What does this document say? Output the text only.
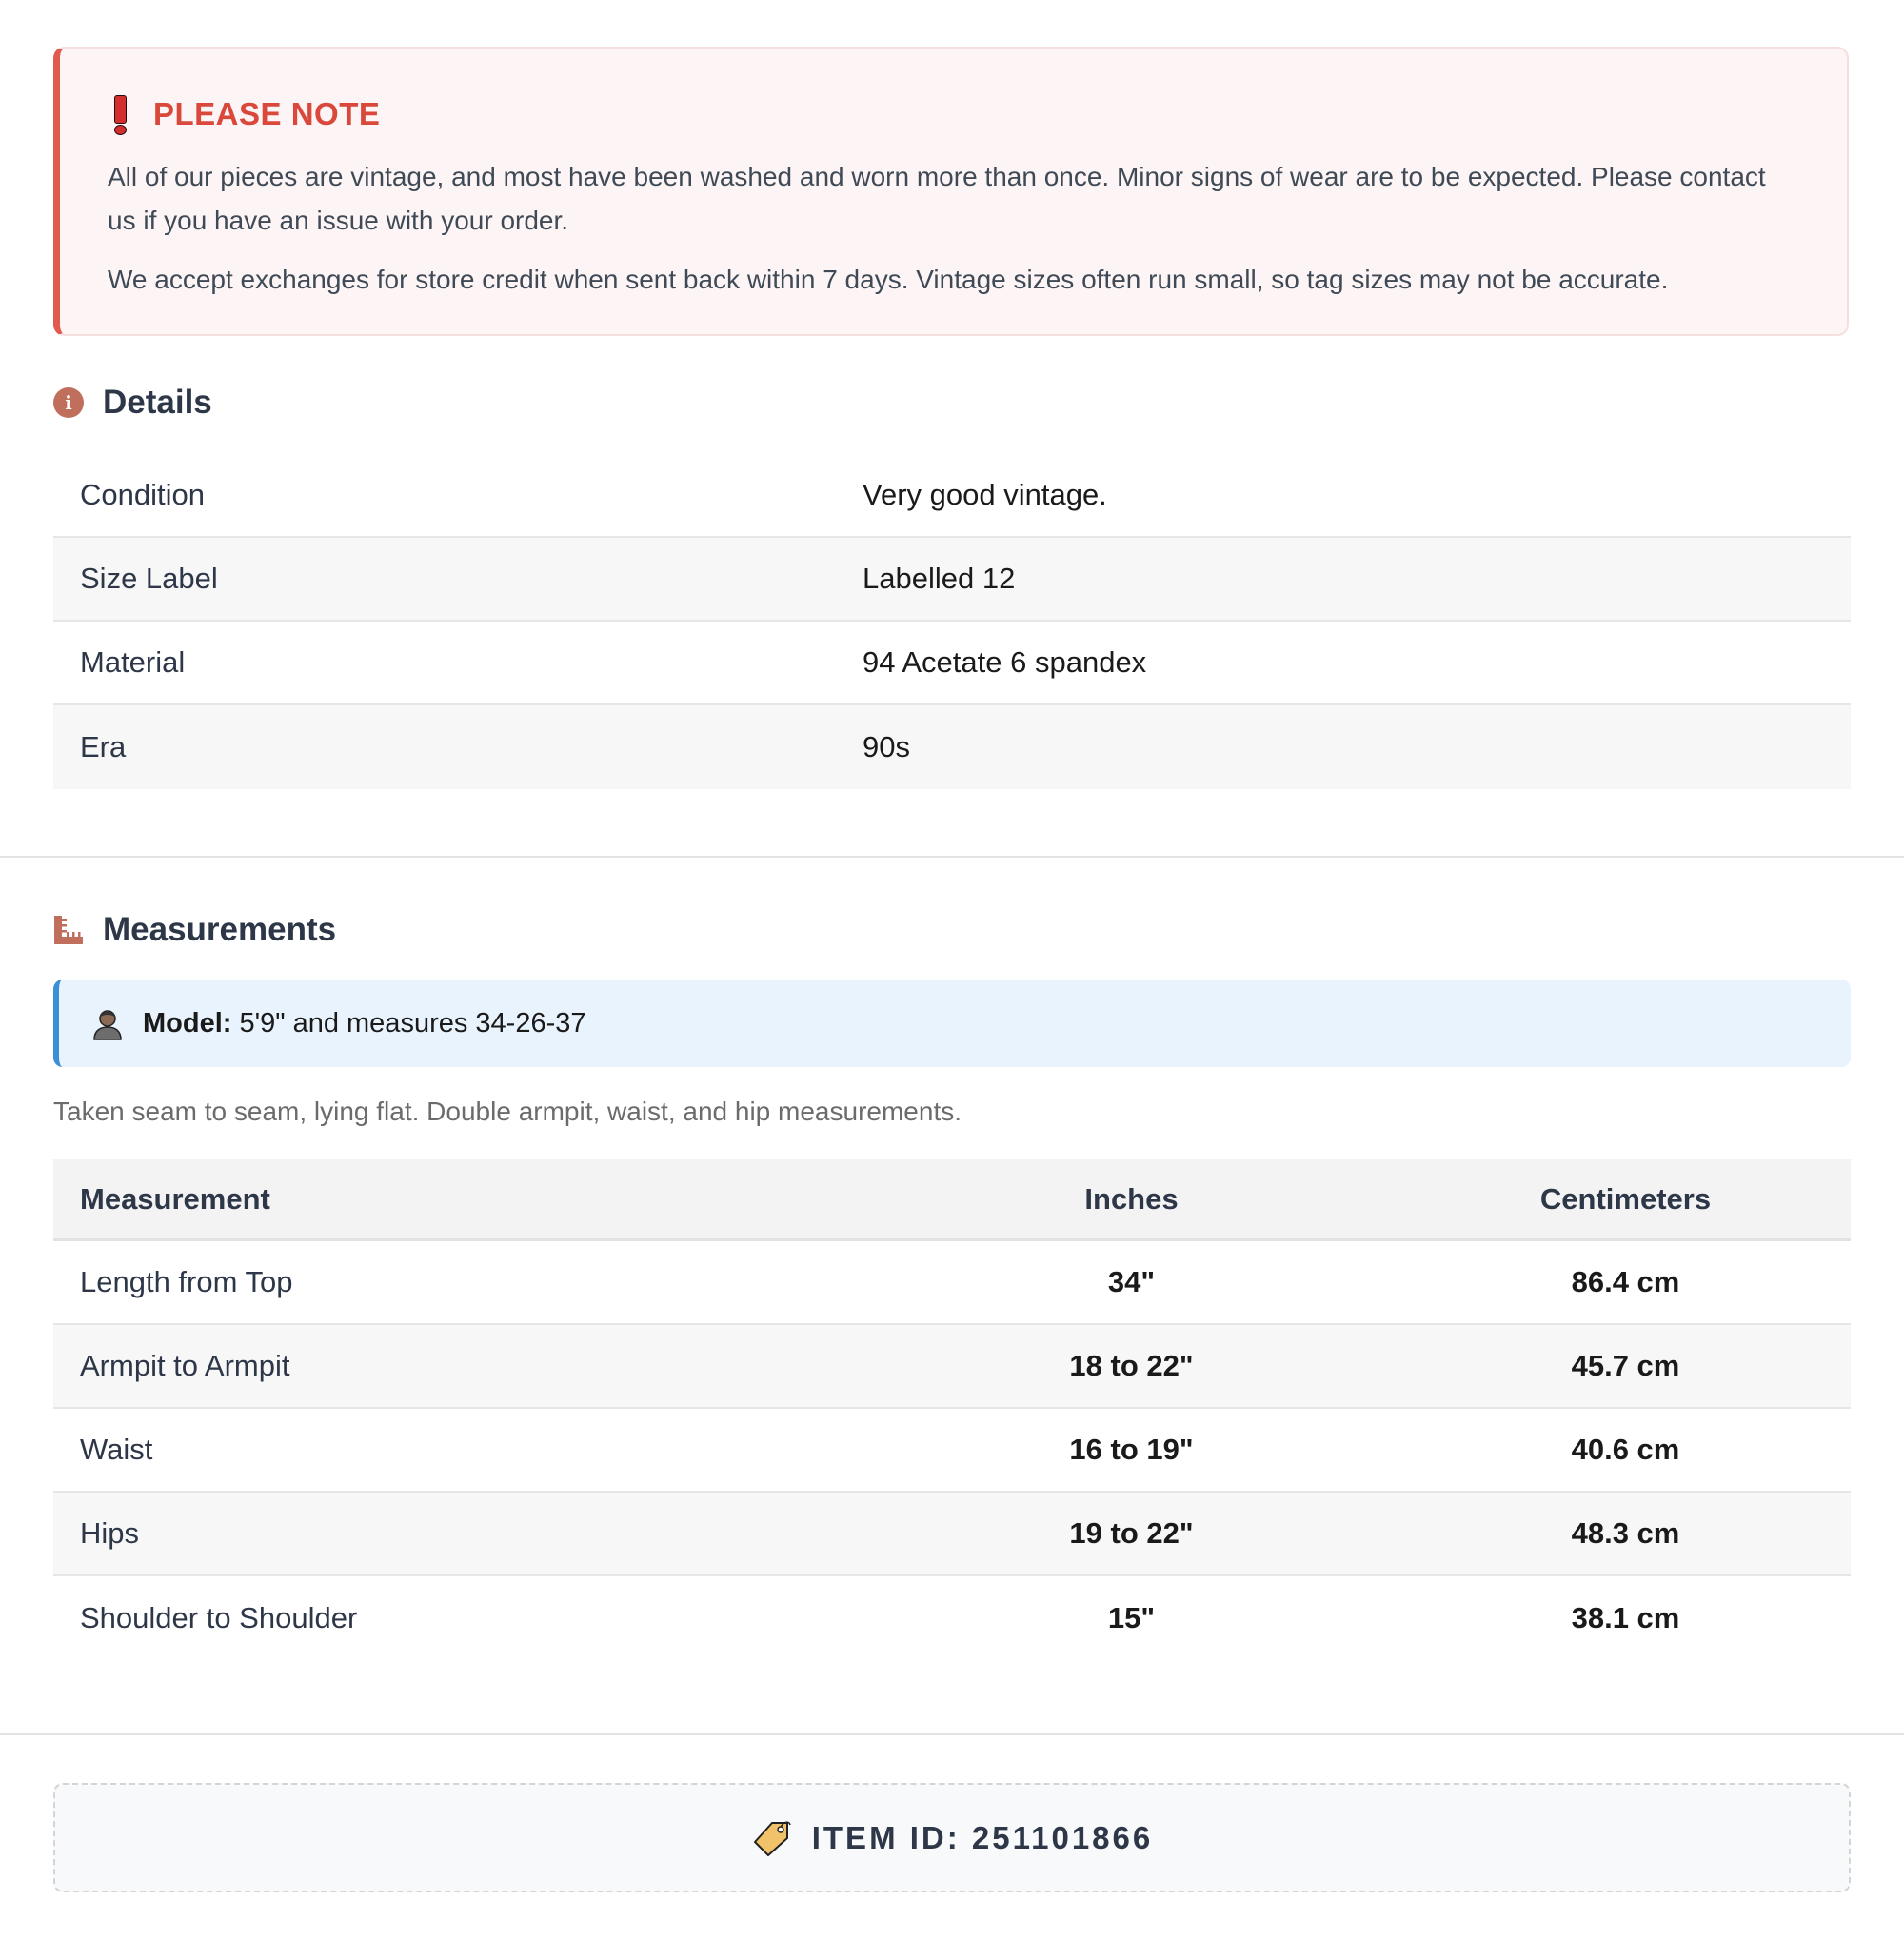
PLEASE NOTE

All of our pieces are vintage, and most have been washed and worn more than once. Minor signs of wear are to be expected. Please contact
us if you have an issue with your order.

We accept exchanges for store credit when sent back within 7 days. Vintage sizes often run small, so tag sizes may not be accurate.

i Details
Condition	Very good vintage.
Size Label	Labelled 12
Material	94 Acetate 6 spandex
Era	90s
Measurements
Model: 5'9" and measures 34-26-37
Taken seam to seam, lying flat. Double armpit, waist, and hip measurements.
Measurement	Inches	Centimeters
Length from Top	34"	86.4 cm
Armpit to Armpit	18 to 22"	45.7 cm
Waist	16 to 19"	40.6 cm
Hips	19 to 22"	48.3 cm
Shoulder to Shoulder	15"	38.1 cm
ITEM ID: 251101866
